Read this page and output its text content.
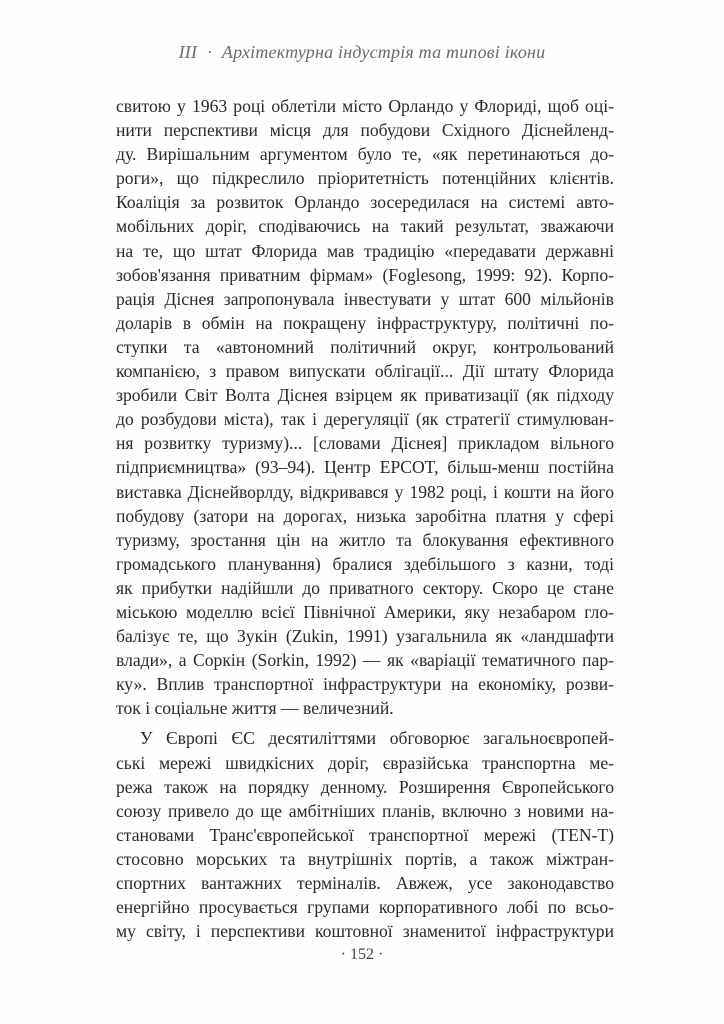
III · Архітектурна індустрія та типові ікони
свитою у 1963 році облетіли місто Орландо у Флориді, щоб оці-
нити перспективи місця для побудови Східного Діснейленд-
ду. Вирішальним аргументом було те, «як перетинаються до-
роги», що підкреслило пріоритетність потенційних клієнтів.
Коаліція за розвиток Орландо зосередилася на системі авто-
мобільних доріг, сподіваючись на такий результат, зважаючи
на те, що штат Флорида мав традицію «передавати державні
зобов'язання приватним фірмам» (Foglesong, 1999: 92). Корпо-
рація Діснея запропонувала інвестувати у штат 600 мільйонів
доларів в обмін на покращену інфраструктуру, політичні по-
ступки та «автономний політичний округ, контрольований
компанією, з правом випускати облігації... Дії штату Флорида
зробили Світ Волта Діснея взірцем як приватизації (як підходу
до розбудови міста), так і дерегуляції (як стратегії стимулюван-
ня розвитку туризму)... [словами Діснея] прикладом вільного
підприємництва» (93–94). Центр EPCOT, більш-менш постійна
виставка Діснейворлду, відкривався у 1982 році, і кошти на його
побудову (затори на дорогах, низька заробітна платня у сфері
туризму, зростання цін на житло та блокування ефективного
громадського планування) бралися здебільшого з казни, тоді
як прибутки надійшли до приватного сектору. Скоро це стане
міською моделлю всієї Північної Америки, яку незабаром гло-
балізує те, що Зукін (Zukin, 1991) узагальнила як «ландшафти
влади», а Соркін (Sorkin, 1992) — як «варіації тематичного пар-
ку». Вплив транспортної інфраструктури на економіку, розви-
ток і соціальне життя — величезний.
У Європі ЄС десятиліттями обговорює загальноєвропей-
ські мережі швидкісних доріг, євразійська транспортна ме-
режа також на порядку денному. Розширення Європейського
союзу привело до ще амбітніших планів, включно з новими на-
становами Транс'європейської транспортної мережі (TEN-T)
стосовно морських та внутрішніх портів, а також міжтран-
спортних вантажних терміналів. Авжеж, усе законодавство
енергійно просувається групами корпоративного лобі по всьо-
му світу, і перспективи коштовної знаменитої інфраструктури
· 152 ·
